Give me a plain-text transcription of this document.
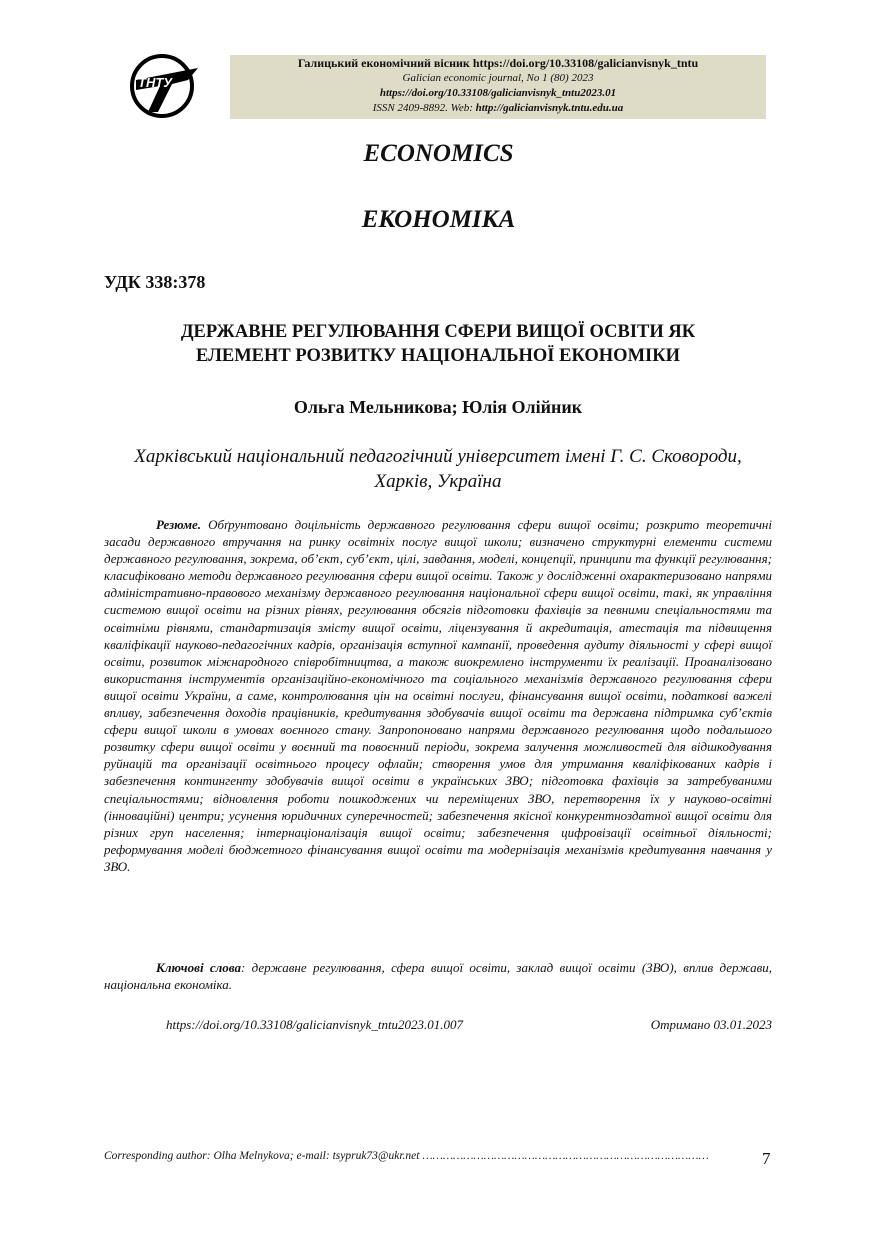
ТНТУ
Галицький економічний вісник https://doi.org/10.33108/galicianvisnyk_tntu
Galician economic journal, No 1 (80) 2023
https://doi.org/10.33108/galicianvisnyk_tntu2023.01
ISSN 2409-8892. Web: http://galicianvisnyk.tntu.edu.ua
ECONOMICS
ЕКОНОМІКА
УДК 338:378
ДЕРЖАВНЕ РЕГУЛЮВАННЯ СФЕРИ ВИЩОЇ ОСВІТИ ЯК
ЕЛЕМЕНТ РОЗВИТКУ НАЦІОНАЛЬНОЇ ЕКОНОМІКИ
Ольга Мельникова; Юлія Олійник
Харківський національний педагогічний університет імені Г. С. Сковороди,
Харків, Україна

Резюме. Обґрунтовано доцільність державного регулювання сфери вищої освіти; розкрито теоретичні засади державного втручання на ринку освітніх послуг вищої школи; визначено структурні елементи системи державного регулювання, зокрема, об’єкт, суб’єкт, цілі, завдання, моделі, концепції, принципи та функції регулювання; класифіковано методи державного регулювання сфери вищої освіти. Також у дослідженні охарактеризовано напрями адміністративно-правового механізму державного регулювання національної сфери вищої освіти, такі, як управління системою вищої освіти на різних рівнях, регулювання обсягів підготовки фахівців за певними спеціальностями та освітніми рівнями, стандартизація змісту вищої освіти, ліцензування й акредитація, атестація та підвищення кваліфікації науково-педагогічних кадрів, організація вступної кампанії, проведення аудиту діяльності у сфері вищої освіти, розвиток міжнародного співробітництва, а також виокремлено інструменти їх реалізації. Проаналізовано використання інструментів організаційно-економічного та соціального механізмів державного регулювання сфери вищої освіти України, а саме, контролювання цін на освітні послуги, фінансування вищої освіти, податкові важелі впливу, забезпечення доходів працівників, кредитування здобувачів вищої освіти та державна підтримка суб’єктів сфери вищої школи в умовах воєнного стану. Запропоновано напрями державного регулювання щодо подальшого розвитку сфери вищої освіти у воєнний та повоєнний періоди, зокрема залучення можливостей для відшкодування руйнацій та організації освітнього процесу офлайн; створення умов для утримання кваліфікованих кадрів і забезпечення контингенту здобувачів вищої освіти в українських ЗВО; підготовка фахівців за затребуваними спеціальностями; відновлення роботи пошкоджених чи переміщених ЗВО, перетворення їх у науково-освітні (інноваційні) центри; усунення юридичних суперечностей; забезпечення якісної конкурентноздатної вищої освіти для різних груп населення; інтернаціоналізація вищої освіти; забезпечення цифровізації освітньої діяльності; реформування моделі бюджетного фінансування вищої освіти та модернізація механізмів кредитування навчання у ЗВО.

Ключові слова: державне регулювання, сфера вищої освіти, заклад вищої освіти (ЗВО), вплив держави, національна економіка.

https://doi.org/10.33108/galicianvisnyk_tntu2023.01.007	Отримано 03.01.2023
Corresponding author: Olha Melnykova; e-mail: tsypruk73@ukr.net …………………………………………………………………………	7
